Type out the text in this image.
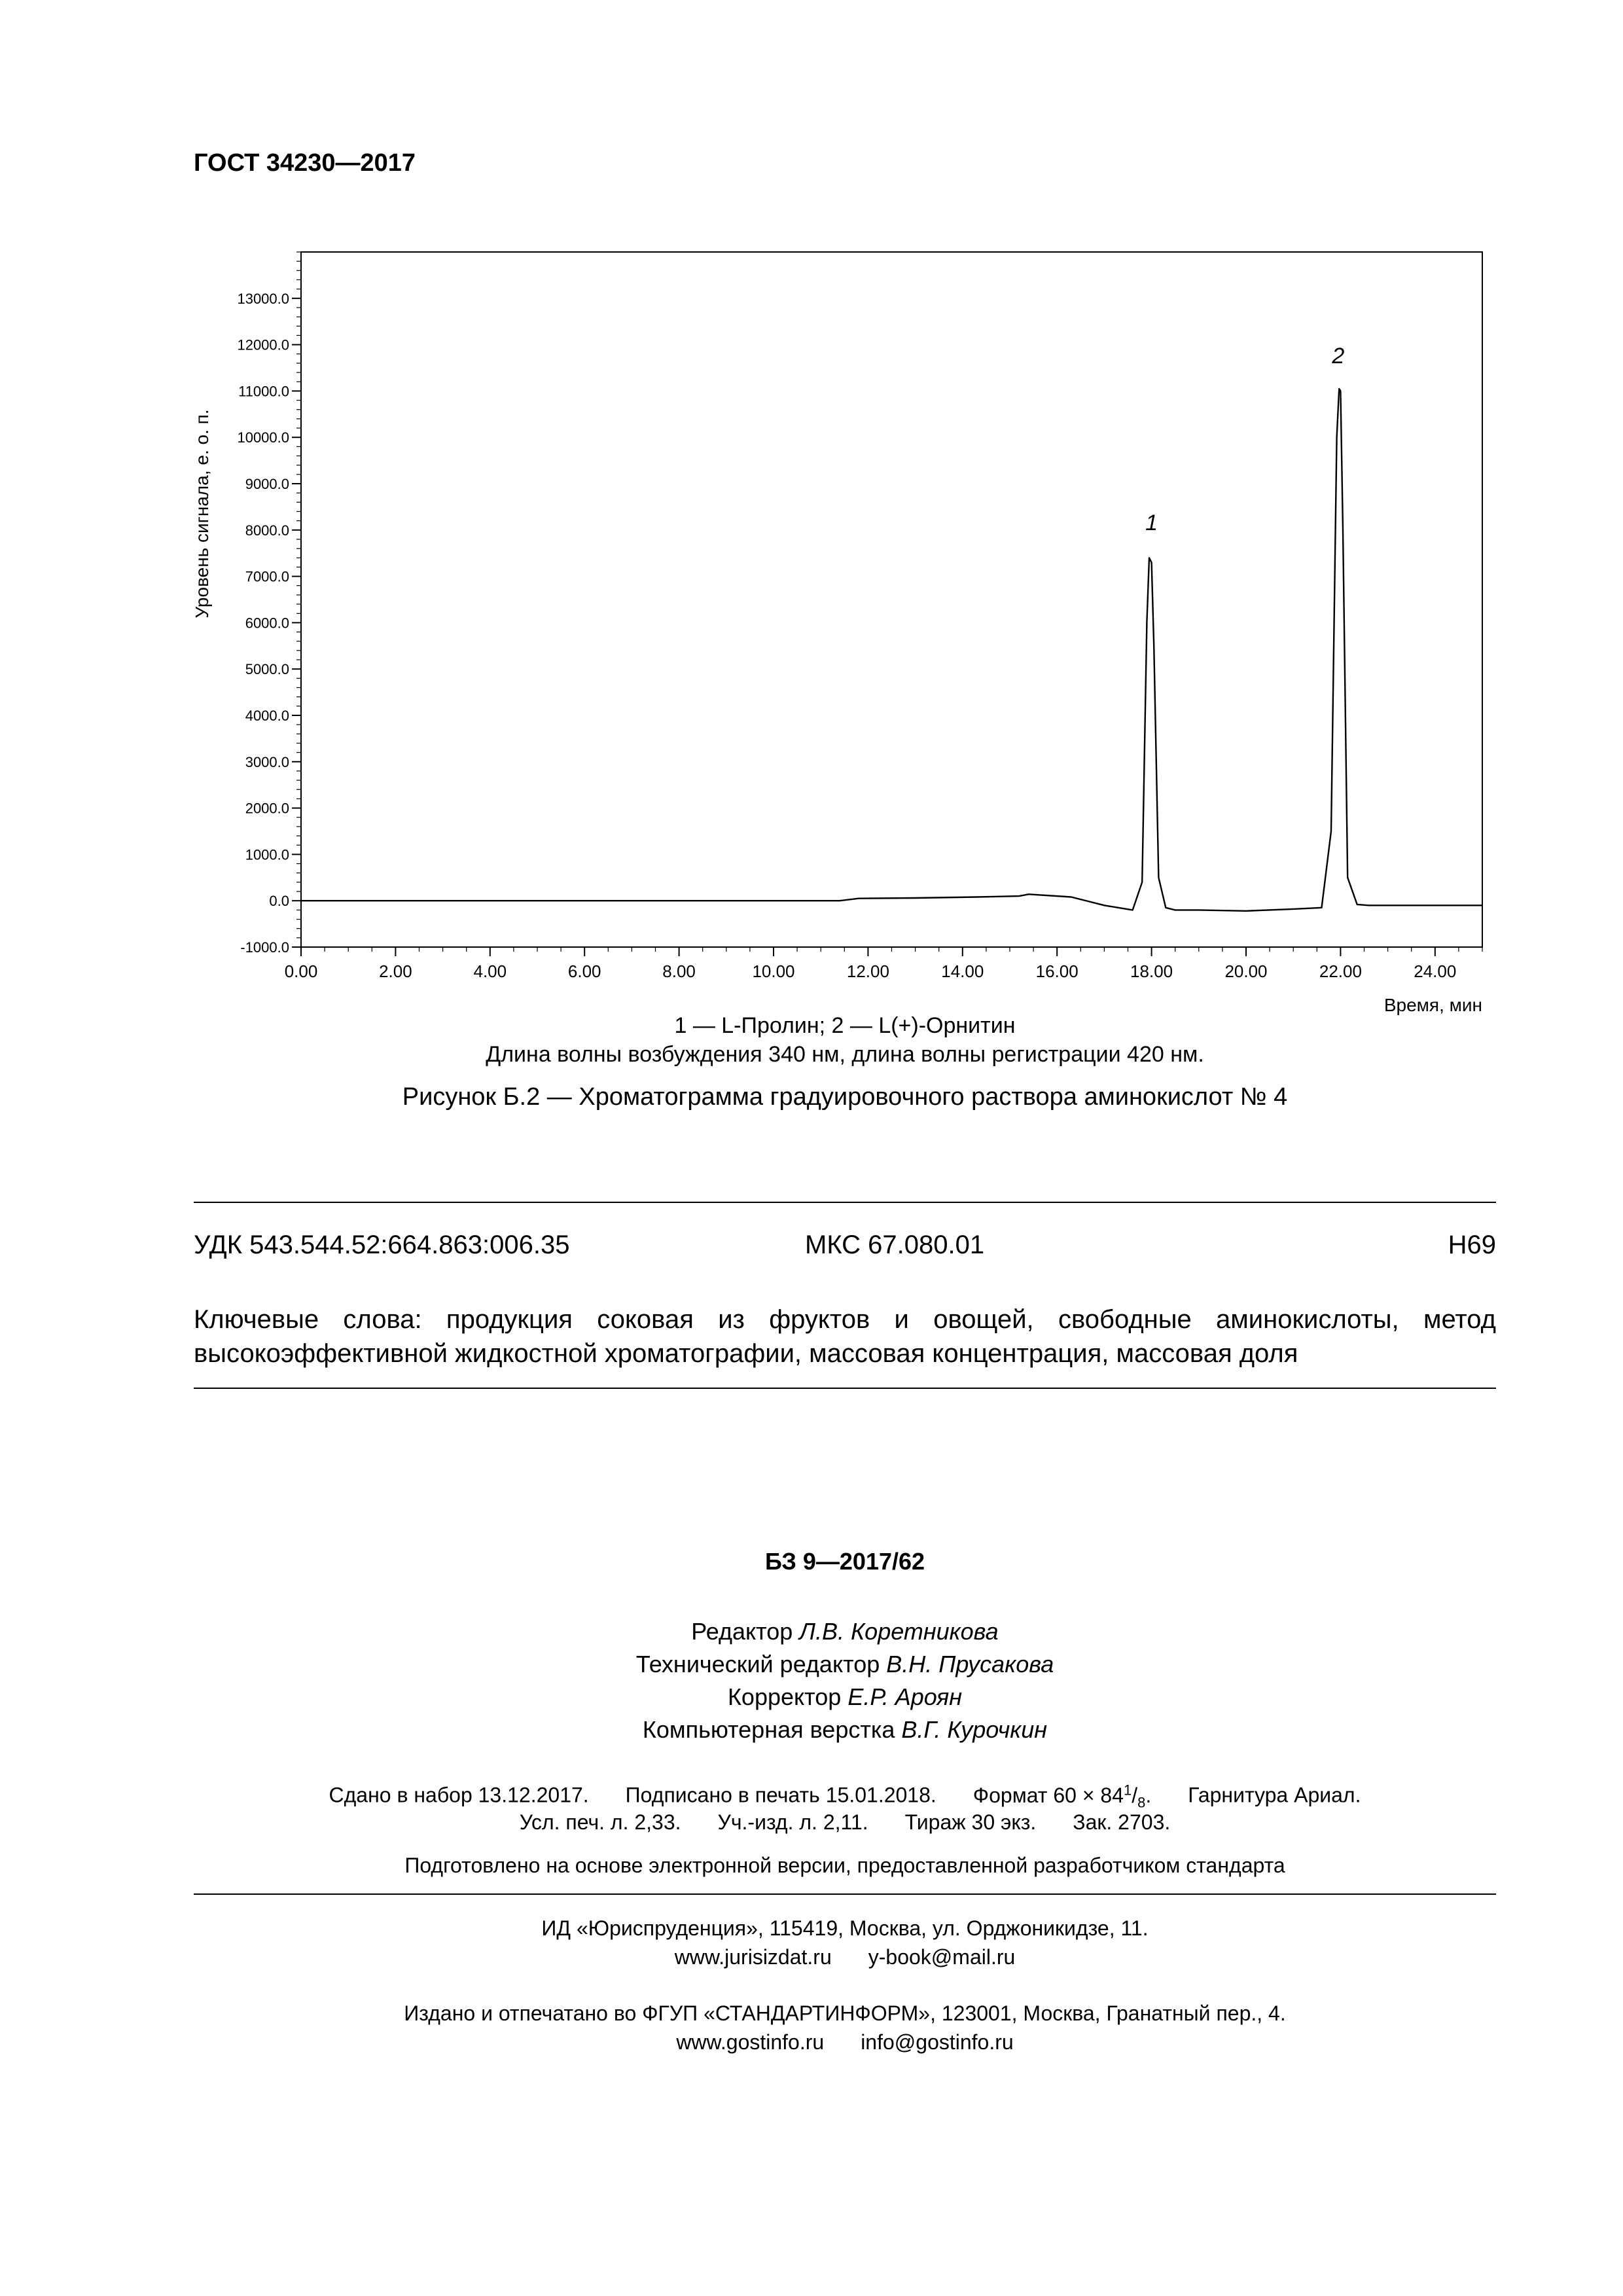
ГОСТ 34230—2017
13000.0
12000.0
11000.0
10000.0
9000.0
8000.0
7000.0
6000.0
5000.0
4000.0
3000.0
2000.0
1000.0
0.0
-1000.0
0.00	2.00	4.00	6.00	8.00	10.00	12.00	14.00	16.00	18.00	20.00	22.00	24.00
Время, мин
Уровень сигнала, е. о. п.	1
2
1 — L-Пролин; 2 — L(+)-Орнитин
Длина волны возбуждения 340 нм, длина волны регистрации 420 нм.
Рисунок Б.2 — Хроматограмма градуировочного раствора аминокислот № 4
УДК 543.544.52:664.863:006.35	МКС 67.080.01	Н69
Ключевые слова: продукция соковая из фруктов и овощей, свободные аминокислоты, метод высокоэффективной жидкостной хроматографии, массовая концентрация, массовая доля
БЗ 9—2017/62
Редактор Л.В. Коретникова
Технический редактор В.Н. Прусакова
Корректор Е.Р. Ароян
Компьютерная верстка В.Г. Курочкин
Сдано в набор 13.12.2017. Подписано в печать 15.01.2018. Формат $60 \times 84^1/_8$. Гарнитура Ариал.
Усл. печ. л. 2,33. Уч.-изд. л. 2,11. Тираж 30 экз. Зак. 2703.
Подготовлено на основе электронной версии, предоставленной разработчиком стандарта
ИД «Юриспруденция», 115419, Москва, ул. Орджоникидзе, 11.
www.jurisizdat.ru y-book@mail.ru
Издано и отпечатано во ФГУП «СТАНДАРТИНФОРМ», 123001, Москва, Гранатный пер., 4.
www.gostinfo.ru info@gostinfo.ru
